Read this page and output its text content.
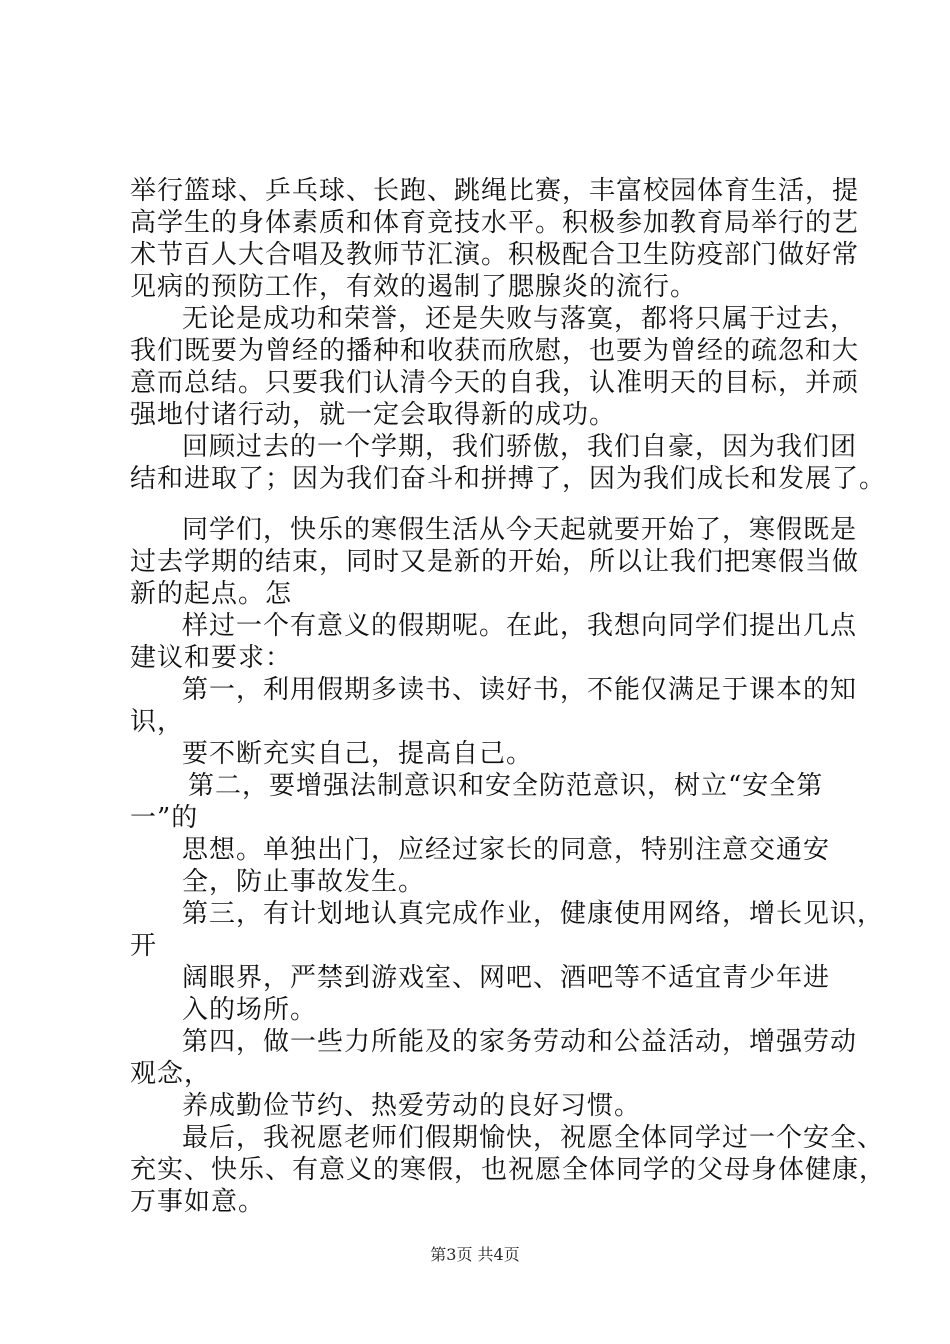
举行篮球、乒乓球、长跑、跳绳比赛，丰富校园体育生活，提
高学生的身体素质和体育竞技水平。积极参加教育局举行的艺
术节百人大合唱及教师节汇演。积极配合卫生防疫部门做好常
见病的预防工作，有效的遏制了腮腺炎的流行。
无论是成功和荣誉，还是失败与落寞，都将只属于过去，
我们既要为曾经的播种和收获而欣慰，也要为曾经的疏忽和大
意而总结。只要我们认清今天的自我，认准明天的目标，并顽
强地付诸行动，就一定会取得新的成功。
回顾过去的一个学期，我们骄傲，我们自豪，因为我们团
结和进取了；因为我们奋斗和拼搏了，因为我们成长和发展了。
同学们，快乐的寒假生活从今天起就要开始了，寒假既是
过去学期的结束，同时又是新的开始，所以让我们把寒假当做
新的起点。怎
样过一个有意义的假期呢。在此，我想向同学们提出几点
建议和要求：
第一，利用假期多读书、读好书，不能仅满足于课本的知
识，
要不断充实自己，提高自己。
第二，要增强法制意识和安全防范意识，树立“安全第
一”的
思想。单独出门，应经过家长的同意，特别注意交通安
全，防止事故发生。
第三，有计划地认真完成作业，健康使用网络，增长见识，
开
阔眼界，严禁到游戏室、网吧、酒吧等不适宜青少年进
入的场所。
第四，做一些力所能及的家务劳动和公益活动，增强劳动
观念，
养成勤俭节约、热爱劳动的良好习惯。
最后，我祝愿老师们假期愉快，祝愿全体同学过一个安全、
充实、快乐、有意义的寒假，也祝愿全体同学的父母身体健康，
万事如意。
第3页 共4页
